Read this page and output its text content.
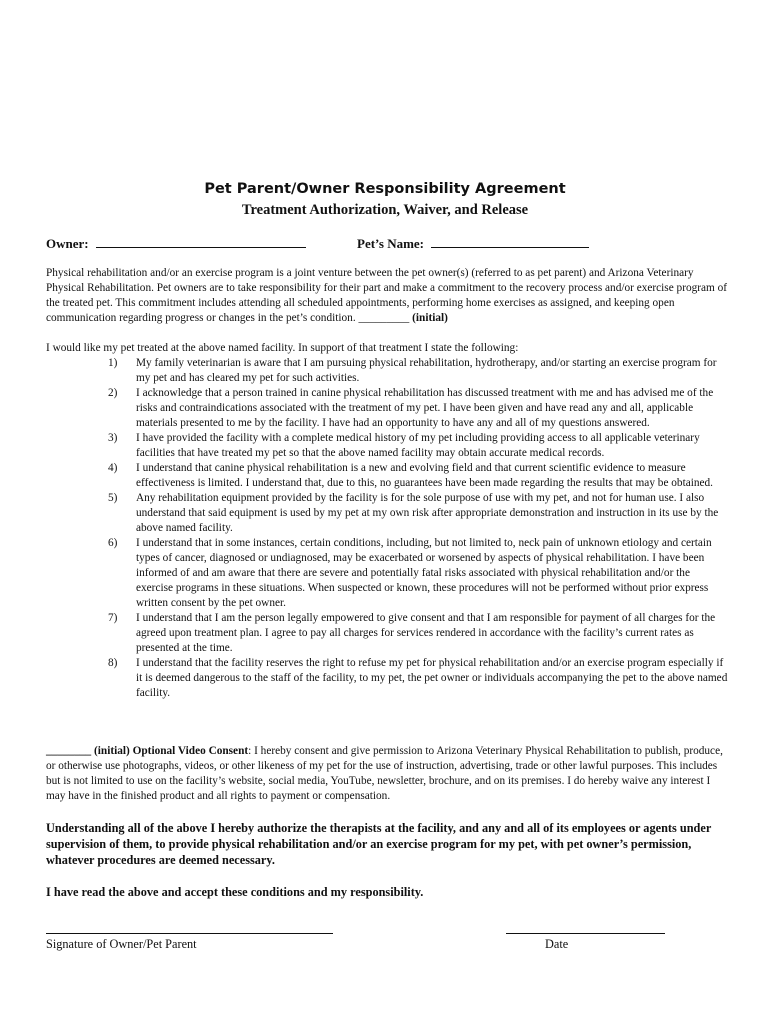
Pet Parent/Owner Responsibility Agreement
Treatment Authorization, Waiver, and Release
Owner:	Pet’s Name:
Physical rehabilitation and/or an exercise program is a joint venture between the pet owner(s) (referred to as pet parent) and Arizona Veterinary Physical Rehabilitation. Pet owners are to take responsibility for their part and make a commitment to the recovery process and/or exercise program of the treated pet. This commitment includes attending all scheduled appointments, performing home exercises as assigned, and keeping open communication regarding progress or changes in the pet’s condition. _________ (initial)
I would like my pet treated at the above named facility. In support of that treatment I state the following:
1)	My family veterinarian is aware that I am pursuing physical rehabilitation, hydrotherapy, and/or starting an exercise program for my pet and has cleared my pet for such activities.
2)	I acknowledge that a person trained in canine physical rehabilitation has discussed treatment with me and has advised me of the risks and contraindications associated with the treatment of my pet. I have been given and have read any and all, applicable materials presented to me by the facility. I have had an opportunity to have any and all of my questions answered.
3)	I have provided the facility with a complete medical history of my pet including providing access to all applicable veterinary facilities that have treated my pet so that the above named facility may obtain accurate medical records.
4)	I understand that canine physical rehabilitation is a new and evolving field and that current scientific evidence to measure effectiveness is limited. I understand that, due to this, no guarantees have been made regarding the results that may be obtained.
5)	Any rehabilitation equipment provided by the facility is for the sole purpose of use with my pet, and not for human use. I also understand that said equipment is used by my pet at my own risk after appropriate demonstration and instruction in its use by the above named facility.
6)	I understand that in some instances, certain conditions, including, but not limited to, neck pain of unknown etiology and certain types of cancer, diagnosed or undiagnosed, may be exacerbated or worsened by aspects of physical rehabilitation. I have been informed of and am aware that there are severe and potentially fatal risks associated with physical rehabilitation and/or the exercise programs in these situations. When suspected or known, these procedures will not be performed without prior express written consent by the pet owner.
7)	I understand that I am the person legally empowered to give consent and that I am responsible for payment of all charges for the agreed upon treatment plan. I agree to pay all charges for services rendered in accordance with the facility’s current rates as presented at the time.
8)	I understand that the facility reserves the right to refuse my pet for physical rehabilitation and/or an exercise program especially if it is deemed dangerous to the staff of the facility, to my pet, the pet owner or individuals accompanying the pet to the above named facility.
________ (initial) Optional Video Consent: I hereby consent and give permission to Arizona Veterinary Physical Rehabilitation to publish, produce, or otherwise use photographs, videos, or other likeness of my pet for the use of instruction, advertising, trade or other lawful purposes. This includes but is not limited to use on the facility’s website, social media, YouTube, newsletter, brochure, and on its premises. I do hereby waive any interest I may have in the finished product and all rights to payment or compensation.
Understanding all of the above I hereby authorize the therapists at the facility, and any and all of its employees or agents under supervision of them, to provide physical rehabilitation and/or an exercise program for my pet, with pet owner’s permission, whatever procedures are deemed necessary.
I have read the above and accept these conditions and my responsibility.
Signature of Owner/Pet Parent	Date
